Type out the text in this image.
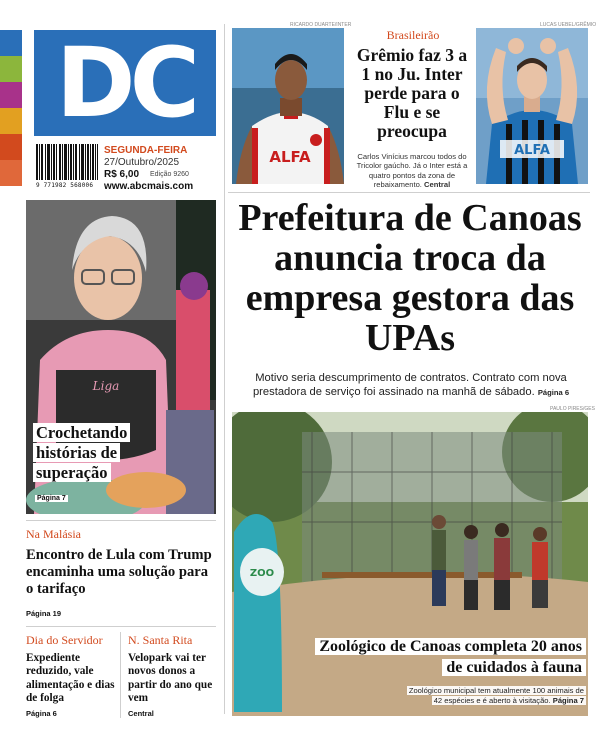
DC
9 771982 568006
SEGUNDA-FEIRA
27/Outubro/2025
R$ 6,00 Edição 9260
www.abcmais.com
RICARDO DUARTE/INTER
ALFA
Brasileirão
Grêmio faz 3 a 1 no Ju. Inter perde para o Flu e se preocupa
Carlos Vinícius marcou todos do Tricolor gaúcho. Já o Inter está a quatro pontos da zona de rebaixamento. Central
LUCAS UEBEL/GRÊMIO
ALFA
Prefeitura de Canoas anuncia troca da empresa gestora das UPAs
Motivo seria descumprimento de contratos. Contrato com nova prestadora de serviço foi assinado na manhã de sábado. Página 6
Liga
Crochetando histórias de superação
Página 7
Na Malásia
Encontro de Lula com Trump encaminha uma solução para o tarifaço
Página 19
Dia do Servidor
Expediente reduzido, vale alimentação e dias de folga
Página 6
N. Santa Rita
Velopark vai ter novos donos a partir do ano que vem
Central
PAULO PIRES/GES
ZOO
Zoológico de Canoas completa 20 anos de cuidados à fauna
Zoológico municipal tem atualmente 100 animais de 42 espécies e é aberto à visitação. Página 7
